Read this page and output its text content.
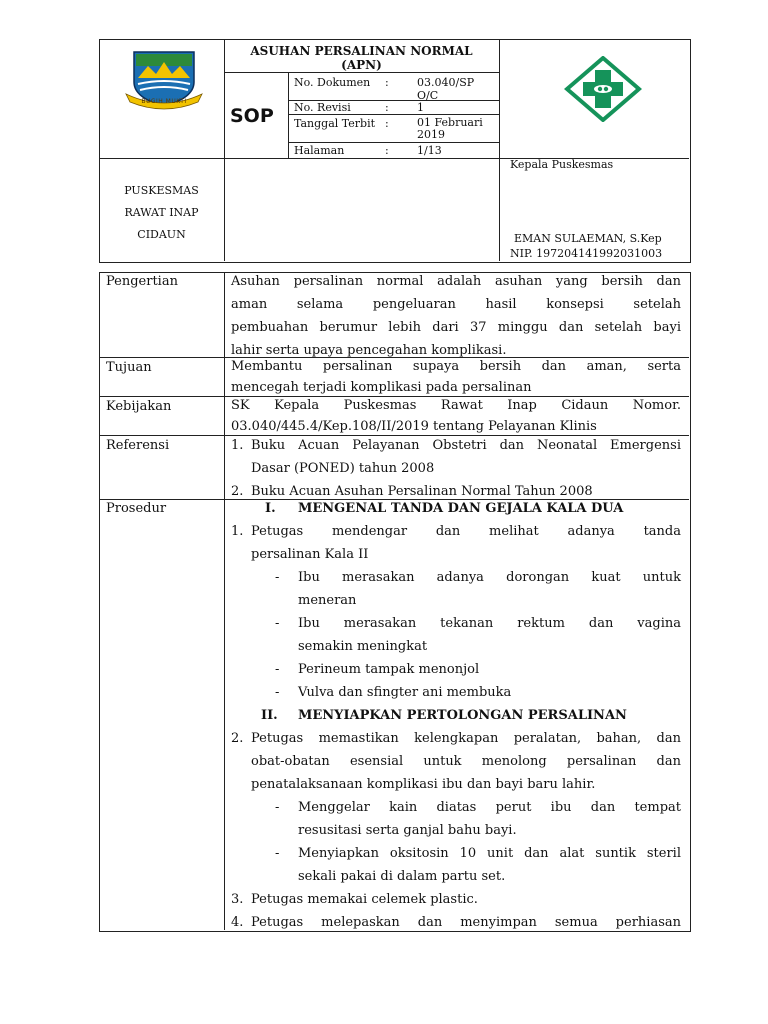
BUGIH MUKTI
ASUHAN PERSALINAN NORMAL
(APN)
SOP
No. Dokumen :	03.040/SP O/C
No. Revisi	:	1
Tanggal Terbit :	01 Februari 2019
Halaman	:	1/13
PUSKESMAS
RAWAT INAP
CIDAUN
Kepala Puskesmas
EMAN SULAEMAN, S.Kep
NIP. 197204141992031003
Pengertian	Asuhan persalinan normal adalah asuhan yang bersih dan
aman selama pengeluaran hasil konsepsi setelah
pembuahan berumur lebih dari 37 minggu dan setelah bayi
lahir serta upaya pencegahan komplikasi.
Tujuan	Membantu persalinan supaya bersih dan aman, serta
mencegah terjadi komplikasi pada persalinan
Kebijakan	SK Kepala Puskesmas Rawat Inap Cidaun Nomor.
03.040/445.4/Kep.108/II/2019 tentang Pelayanan Klinis
Referensi	1. Buku Acuan Pelayanan Obstetri dan Neonatal Emergensi
Dasar (PONED) tahun 2008
2. Buku Acuan Asuhan Persalinan Normal Tahun 2008
Prosedur	I. MENGENAL TANDA DAN GEJALA KALA DUA
1. Petugas mendengar dan melihat adanya tanda
persalinan Kala II
- Ibu merasakan adanya dorongan kuat untuk
meneran
- Ibu merasakan tekanan rektum dan vagina
semakin meningkat
- Perineum tampak menonjol
- Vulva dan sfingter ani membuka
II. MENYIAPKAN PERTOLONGAN PERSALINAN
2. Petugas memastikan kelengkapan peralatan, bahan, dan
obat-obatan esensial untuk menolong persalinan dan
penatalaksanaan komplikasi ibu dan bayi baru lahir.
- Menggelar kain diatas perut ibu dan tempat
resusitasi serta ganjal bahu bayi.
- Menyiapkan oksitosin 10 unit dan alat suntik steril
sekali pakai di dalam partu set.
3. Petugas memakai celemek plastic.
4. Petugas melepaskan dan menyimpan semua perhiasan
